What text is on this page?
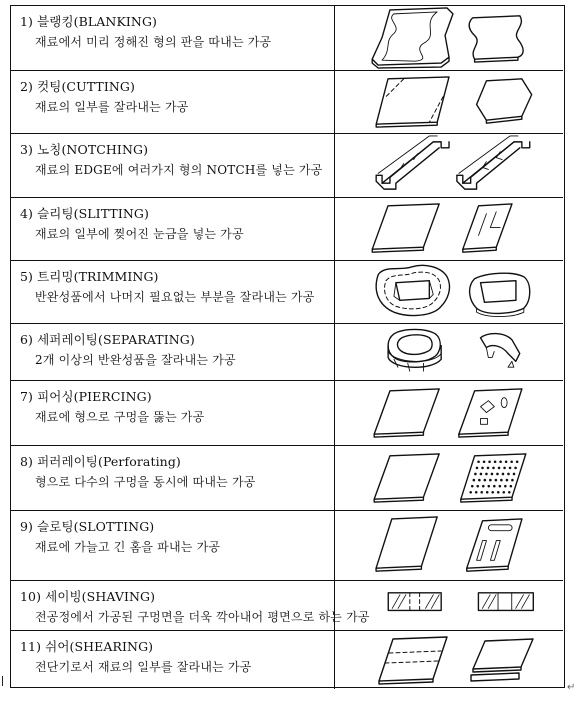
1) 블랭킹(BLANKING)
재료에서 미리 정해진 형의 판을 따내는 가공
2) 컷팅(CUTTING)
재료의 일부를 잘라내는 가공
3) 노칭(NOTCHING)
재료의 EDGE에 여러가지 형의 NOTCH를 넣는 가공
4) 슬리팅(SLITTING)
재료의 일부에 찢어진 눈금을 넣는 가공
5) 트리밍(TRIMMING)
반완성품에서 나머지 필요없는 부분을 잘라내는 가공
6) 세퍼레이팅(SEPARATING)
2개 이상의 반완성품을 잘라내는 가공
7) 피어싱(PIERCING)
재료에 형으로 구멍을 뚫는 가공
8) 퍼러레이팅(Perforating)
형으로 다수의 구멍을 동시에 따내는 가공
9) 슬로팅(SLOTTING)
재료에 가늘고 긴 홈을 파내는 가공
10) 세이빙(SHAVING)
전공정에서 가공된 구멍면을 더욱 깍아내어 평면으로 하는 가공
11) 쉬어(SHEARING)
전단기로서 재료의 일부를 잘라내는 가공
↵
